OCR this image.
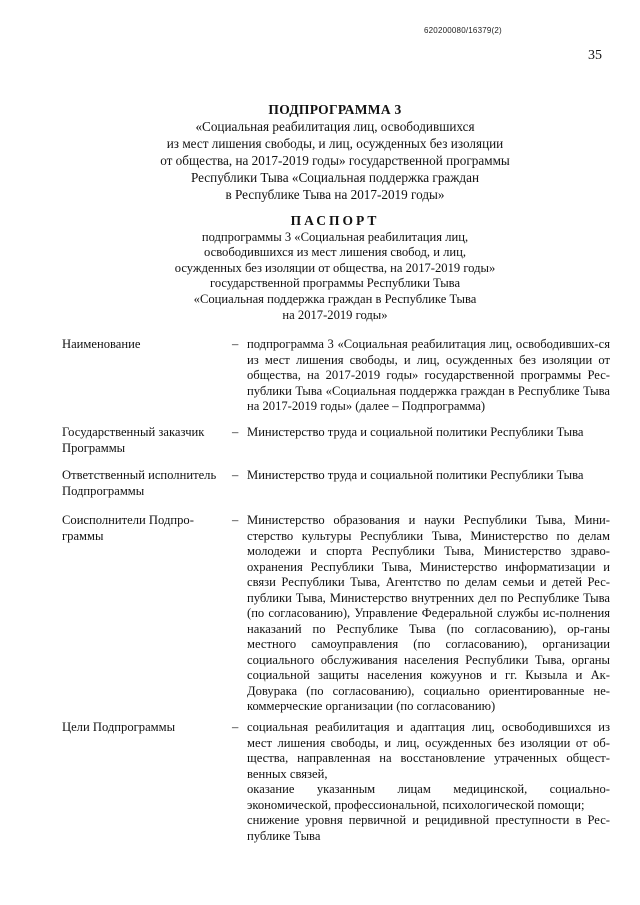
620200080/16379(2)
35
ПОДПРОГРАММА 3
«Социальная реабилитация лиц, освободившихся
из мест лишения свободы, и лиц, осужденных без изоляции
от общества, на 2017-2019 годы» государственной программы
Республики Тыва «Социальная поддержка граждан
в Республике Тыва на 2017-2019 годы»
ПАСПОРТ
подпрограммы 3 «Социальная реабилитация лиц,
освободившихся из мест лишения свобод, и лиц,
осужденных без изоляции от общества, на 2017-2019 годы»
государственной программы Республики Тыва
«Социальная поддержка граждан в Республике Тыва
на 2017-2019 годы»
Наименование	– подпрограмма 3 «Социальная реабилитация лиц, освободивших-ся из мест лишения свободы, и лиц, осужденных без изоляции от общества, на 2017-2019 годы» государственной программы Рес-публики Тыва «Социальная поддержка граждан в Республике Тыва на 2017-2019 годы» (далее – Подпрограмма)

Государственный заказчик Программы
– Министерство труда и социальной политики Республики Тыва

Ответственный исполнитель Подпрограммы
– Министерство труда и социальной политики Республики Тыва

Соисполнители Подпро-граммы
– Министерство образования и науки Республики Тыва, Мини-стерство культуры Республики Тыва, Министерство по делам молодежи и спорта Республики Тыва, Министерство здраво-охранения Республики Тыва, Министерство информатизации и связи Республики Тыва, Агентство по делам семьи и детей Рес-публики Тыва, Министерство внутренних дел по Республике Тыва (по согласованию), Управление Федеральной службы ис-полнения наказаний по Республике Тыва (по согласованию), ор-ганы местного самоуправления (по согласованию), организации социального обслуживания населения Республики Тыва, органы социальной защиты населения кожуунов и гг. Кызыла и Ак-Довурака (по согласованию), социально ориентированные не-коммерческие организации (по согласованию)

Цели Подпрограммы	– социальная реабилитация и адаптация лиц, освободившихся из мест лишения свободы, и лиц, осужденных без изоляции от об-щества, направленная на восстановление утраченных общест-венных связей,

оказание указанным лицам медицинской, социально-экономической, профессиональной, психологической помощи;

снижение уровня первичной и рецидивной преступности в Рес-публике Тыва
